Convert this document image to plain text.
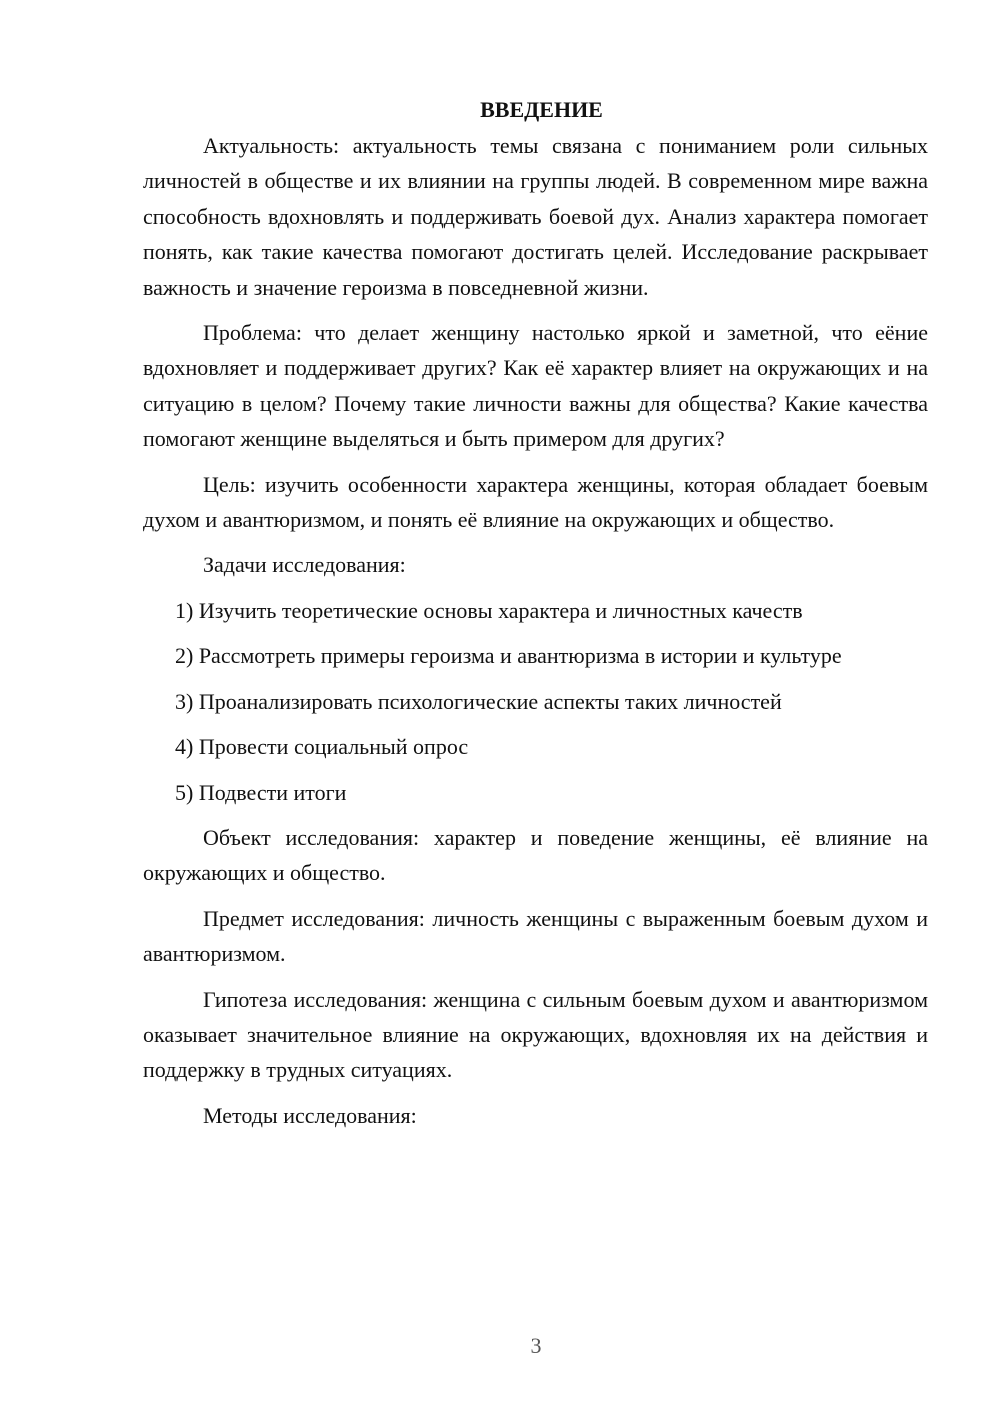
ВВЕДЕНИЕ

Актуальность: актуальность темы связана с пониманием роли сильных личностей в обществе и их влиянии на группы людей. В современном мире важна способность вдохновлять и поддерживать боевой дух. Анализ характера помогает понять, как такие качества помогают достигать целей. Исследование раскрывает важность и значение героизма в повседневной жизни.

Проблема: что делает женщину настолько яркой и заметной, что еёние вдохновляет и поддерживает других? Как её характер влияет на окружающих и на ситуацию в целом? Почему такие личности важны для общества? Какие качества помогают женщине выделяться и быть примером для других?

Цель: изучить особенности характера женщины, которая обладает боевым духом и авантюризмом, и понять её влияние на окружающих и общество.

Задачи исследования:

1) Изучить теоретические основы характера и личностных качеств

2) Рассмотреть примеры героизма и авантюризма в истории и культуре

3) Проанализировать психологические аспекты таких личностей

4) Провести социальный опрос

5) Подвести итоги

Объект исследования: характер и поведение женщины, её влияние на окружающих и общество.

Предмет исследования: личность женщины с выраженным боевым духом и авантюризмом.

Гипотеза исследования: женщина с сильным боевым духом и авантюризмом оказывает значительное влияние на окружающих, вдохновляя их на действия и поддержку в трудных ситуациях.

Методы исследования:

3
